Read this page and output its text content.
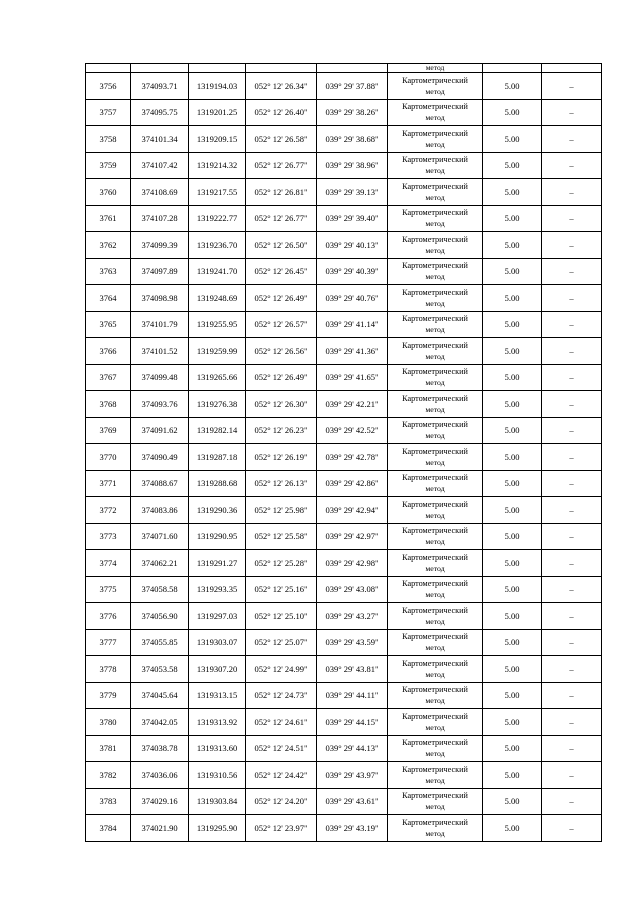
					метод		
3756	374093.71	1319194.03	052° 12' 26.34"	039° 29' 37.88"	Картометрический
метод	5.00	–
3757	374095.75	1319201.25	052° 12' 26.40"	039° 29' 38.26"	Картометрический
метод	5.00	–
3758	374101.34	1319209.15	052° 12' 26.58"	039° 29' 38.68"	Картометрический
метод	5.00	–
3759	374107.42	1319214.32	052° 12' 26.77"	039° 29' 38.96"	Картометрический
метод	5.00	–
3760	374108.69	1319217.55	052° 12' 26.81"	039° 29' 39.13"	Картометрический
метод	5.00	–
3761	374107.28	1319222.77	052° 12' 26.77"	039° 29' 39.40"	Картометрический
метод	5.00	–
3762	374099.39	1319236.70	052° 12' 26.50"	039° 29' 40.13"	Картометрический
метод	5.00	–
3763	374097.89	1319241.70	052° 12' 26.45"	039° 29' 40.39"	Картометрический
метод	5.00	–
3764	374098.98	1319248.69	052° 12' 26.49"	039° 29' 40.76"	Картометрический
метод	5.00	–
3765	374101.79	1319255.95	052° 12' 26.57"	039° 29' 41.14"	Картометрический
метод	5.00	–
3766	374101.52	1319259.99	052° 12' 26.56"	039° 29' 41.36"	Картометрический
метод	5.00	–
3767	374099.48	1319265.66	052° 12' 26.49"	039° 29' 41.65"	Картометрический
метод	5.00	–
3768	374093.76	1319276.38	052° 12' 26.30"	039° 29' 42.21"	Картометрический
метод	5.00	–
3769	374091.62	1319282.14	052° 12' 26.23"	039° 29' 42.52"	Картометрический
метод	5.00	–
3770	374090.49	1319287.18	052° 12' 26.19"	039° 29' 42.78"	Картометрический
метод	5.00	–
3771	374088.67	1319288.68	052° 12' 26.13"	039° 29' 42.86"	Картометрический
метод	5.00	–
3772	374083.86	1319290.36	052° 12' 25.98"	039° 29' 42.94"	Картометрический
метод	5.00	–
3773	374071.60	1319290.95	052° 12' 25.58"	039° 29' 42.97"	Картометрический
метод	5.00	–
3774	374062.21	1319291.27	052° 12' 25.28"	039° 29' 42.98"	Картометрический
метод	5.00	–
3775	374058.58	1319293.35	052° 12' 25.16"	039° 29' 43.08"	Картометрический
метод	5.00	–
3776	374056.90	1319297.03	052° 12' 25.10"	039° 29' 43.27"	Картометрический
метод	5.00	–
3777	374055.85	1319303.07	052° 12' 25.07"	039° 29' 43.59"	Картометрический
метод	5.00	–
3778	374053.58	1319307.20	052° 12' 24.99"	039° 29' 43.81"	Картометрический
метод	5.00	–
3779	374045.64	1319313.15	052° 12' 24.73"	039° 29' 44.11"	Картометрический
метод	5.00	–
3780	374042.05	1319313.92	052° 12' 24.61"	039° 29' 44.15"	Картометрический
метод	5.00	–
3781	374038.78	1319313.60	052° 12' 24.51"	039° 29' 44.13"	Картометрический
метод	5.00	–
3782	374036.06	1319310.56	052° 12' 24.42"	039° 29' 43.97"	Картометрический
метод	5.00	–
3783	374029.16	1319303.84	052° 12' 24.20"	039° 29' 43.61"	Картометрический
метод	5.00	–
3784	374021.90	1319295.90	052° 12' 23.97"	039° 29' 43.19"	Картометрический
метод	5.00	–
